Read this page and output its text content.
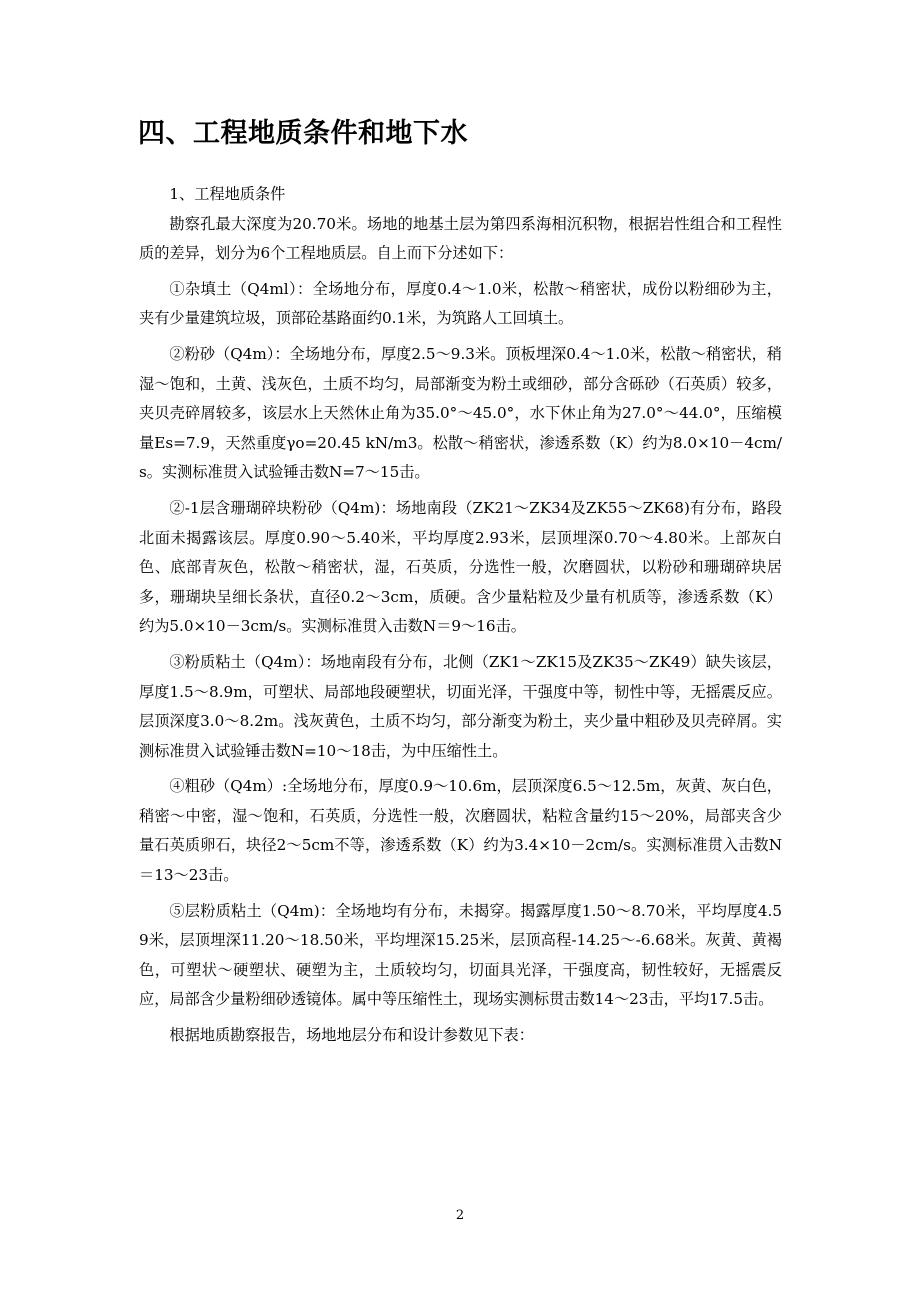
四、工程地质条件和地下水

1、工程地质条件

勘察孔最大深度为20.70米。场地的地基土层为第四系海相沉积物，根据岩性组合和工程性质的差异，划分为6个工程地质层。自上而下分述如下：

①杂填土（Q4ml）：全场地分布，厚度0.4～1.0米，松散～稍密状，成份以粉细砂为主，夹有少量建筑垃圾，顶部砼基路面约0.1米，为筑路人工回填土。

②粉砂（Q4m）：全场地分布，厚度2.5～9.3米。顶板埋深0.4～1.0米，松散～稍密状，稍湿～饱和，土黄、浅灰色，土质不均匀，局部渐变为粉土或细砂，部分含砾砂（石英质）较多，夹贝壳碎屑较多，该层水上天然休止角为35.0°～45.0°，水下休止角为27.0°～44.0°，压缩模量Es=7.9，天然重度γo=20.45 kN/m3。松散～稍密状，渗透系数（K）约为8.0×10－4cm/s。实测标准贯入试验锤击数N=7～15击。

②-1层含珊瑚碎块粉砂（Q4m)：场地南段（ZK21～ZK34及ZK55～ZK68)有分布，路段北面未揭露该层。厚度0.90～5.40米，平均厚度2.93米，层顶埋深0.70～4.80米。上部灰白色、底部青灰色，松散～稍密状，湿，石英质，分选性一般，次磨圆状，以粉砂和珊瑚碎块居多，珊瑚块呈细长条状，直径0.2～3cm，质硬。含少量粘粒及少量有机质等，渗透系数（K）约为5.0×10－3cm/s。实测标准贯入击数N＝9～16击。

③粉质粘土（Q4m）：场地南段有分布，北侧（ZK1～ZK15及ZK35～ZK49）缺失该层，厚度1.5～8.9m，可塑状、局部地段硬塑状，切面光泽，干强度中等，韧性中等，无摇震反应。层顶深度3.0～8.2m。浅灰黄色，土质不均匀，部分渐变为粉土，夹少量中粗砂及贝壳碎屑。实测标准贯入试验锤击数N=10～18击，为中压缩性土。

④粗砂（Q4m）:全场地分布，厚度0.9～10.6m，层顶深度6.5～12.5m，灰黄、灰白色，稍密～中密，湿～饱和，石英质，分选性一般，次磨圆状，粘粒含量约15～20%，局部夹含少量石英质卵石，块径2～5cm不等，渗透系数（K）约为3.4×10－2cm/s。实测标准贯入击数N＝13～23击。

⑤层粉质粘土（Q4m)：全场地均有分布，未揭穿。揭露厚度1.50～8.70米，平均厚度4.59米，层顶埋深11.20～18.50米，平均埋深15.25米，层顶高程-14.25～-6.68米。灰黄、黄褐色，可塑状～硬塑状、硬塑为主，土质较均匀，切面具光泽，干强度高，韧性较好，无摇震反应，局部含少量粉细砂透镜体。属中等压缩性土，现场实测标贯击数14～23击，平均17.5击。

根据地质勘察报告，场地地层分布和设计参数见下表：

2
